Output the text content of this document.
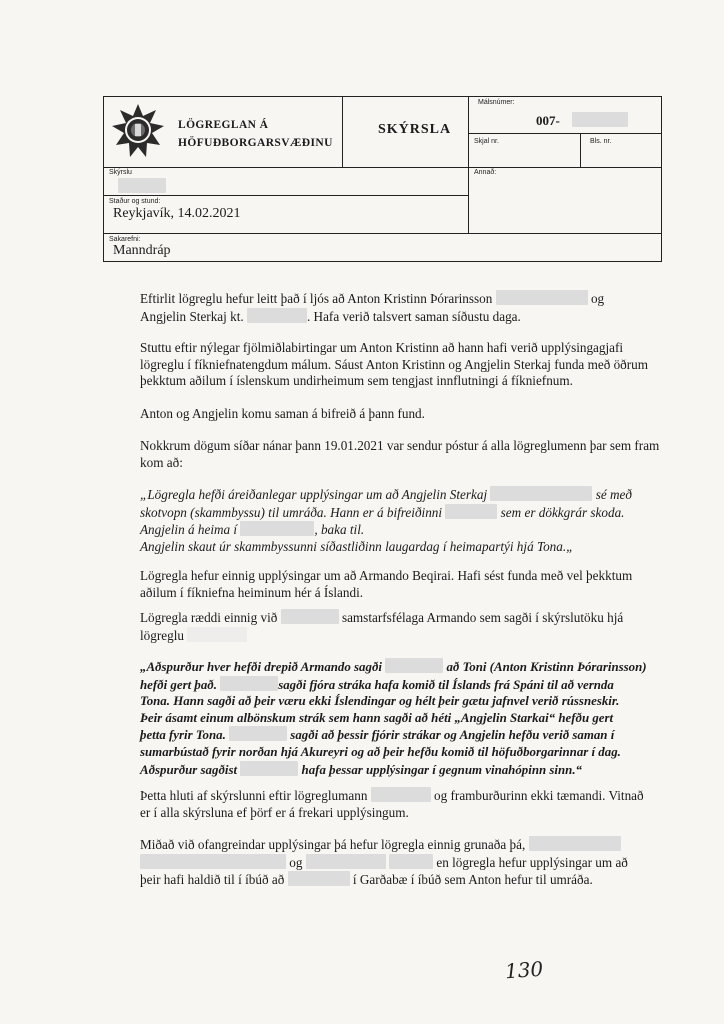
LÖGREGLAN Á
HÖFUÐBORGARSVÆÐINU
SKÝRSLA
Málsnúmer:
007-
Skjal nr.	Bls. nr.
Skýrslu	Annað:
Staður og stund:
Reykjavík, 14.02.2021
Sakarefni:
Manndráp
Eftirlit lögreglu hefur leitt það í ljós að Anton Kristinn Þórarinsson	og
Angjelin Sterkaj kt.	. Hafa verið talsvert saman síðustu daga.
Stuttu eftir nýlegar fjölmiðlabirtingar um Anton Kristinn að hann hafi verið upplýsingagjafi lögreglu í fíkniefnatengdum málum. Sáust Anton Kristinn og Angjelin Sterkaj funda með öðrum þekktum aðilum í íslenskum undirheimum sem tengjast innflutningi á fíkniefnum.
Anton og Angjelin komu saman á bifreið á þann fund.
Nokkrum dögum síðar nánar þann 19.01.2021 var sendur póstur á alla lögreglumenn þar sem fram kom að:
„Lögregla hefði áreiðanlegar upplýsingar um að Angjelin Sterkaj	sé með
skotvopn (skammbyssu) til umráða. Hann er á bifreiðinni	sem er dökkgrár skoda.
Angjelin á heima í	, baka til.
Angjelin skaut úr skammbyssunni síðastliðinn laugardag í heimapartýi hjá Tona.„
Lögregla hefur einnig upplýsingar um að Armando Beqirai. Hafi sést funda með vel þekktum aðilum í fíkniefna heiminum hér á Íslandi.
Lögregla ræddi einnig við	samstarfsfélaga Armando sem sagði í skýrslutöku hjá
lögreglu
„Aðspurður hver hefði drepið Armando sagði	að Toni (Anton Kristinn Þórarinsson)
hefði gert það.	sagði fjóra stráka hafa komið til Íslands frá Spáni til að vernda
Tona. Hann sagði að þeir væru ekki Íslendingar og hélt þeir gætu jafnvel verið rússneskir.
Þeir ásamt einum albönskum strák sem hann sagði að héti „Angjelin Starkai“ hefðu gert
þetta fyrir Tona.	sagði að þessir fjórir strákar og Angjelin hefðu verið saman í
sumarbústað fyrir norðan hjá Akureyri og að þeir hefðu komið til höfuðborgarinnar í dag.
Aðspurður sagðist	hafa þessar upplýsingar í gegnum vinahópinn sinn.“
Þetta hluti af skýrslunni eftir lögreglumann	og framburðurinn ekki tæmandi. Vitnað
er í alla skýrsluna ef þörf er á frekari upplýsingum.
Miðað við ofangreindar upplýsingar þá hefur lögregla einnig grunaða þá,
og	en lögregla hefur upplýsingar um að
þeir hafi haldið til í íbúð að	í Garðabæ í íbúð sem Anton hefur til umráða.
130
